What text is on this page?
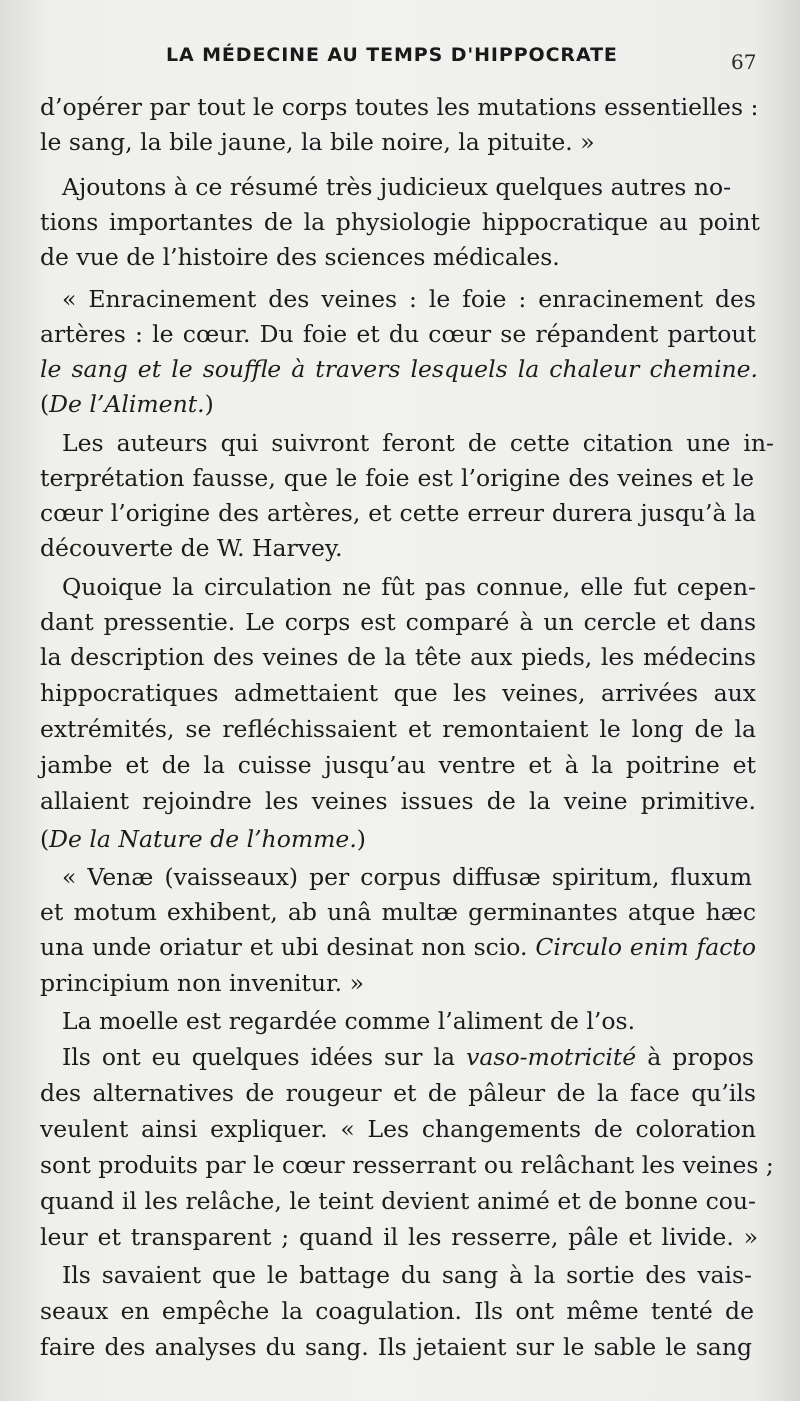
LA MÉDECINE AU TEMPS D'HIPPOCRATE	67
d’opérer par tout le corps toutes les mutations essentielles :
le sang, la bile jaune, la bile noire, la pituite. »
Ajoutons à ce résumé très judicieux quelques autres no-
tions importantes de la physiologie hippocratique au point
de vue de l’histoire des sciences médicales.
« Enracinement des veines : le foie : enracinement des
artères : le cœur. Du foie et du cœur se répandent partout
le sang et le souffle à travers lesquels la chaleur chemine.
(De l’Aliment.)
Les auteurs qui suivront feront de cette citation une in-
terprétation fausse, que le foie est l’origine des veines et le
cœur l’origine des artères, et cette erreur durera jusqu’à la
découverte de W. Harvey.
Quoique la circulation ne fût pas connue, elle fut cepen-
dant pressentie. Le corps est comparé à un cercle et dans
la description des veines de la tête aux pieds, les médecins
hippocratiques admettaient que les veines, arrivées aux
extrémités, se refléchissaient et remontaient le long de la
jambe et de la cuisse jusqu’au ventre et à la poitrine et
allaient rejoindre les veines issues de la veine primitive.
(De la Nature de l’homme.)
« Venæ (vaisseaux) per corpus diffusæ spiritum, fluxum
et motum exhibent, ab unâ multæ germinantes atque hæc
una unde oriatur et ubi desinat non scio. Circulo enim facto
principium non invenitur. »
La moelle est regardée comme l’aliment de l’os.
Ils ont eu quelques idées sur la vaso-motricité à propos
des alternatives de rougeur et de pâleur de la face qu’ils
veulent ainsi expliquer. « Les changements de coloration
sont produits par le cœur resserrant ou relâchant les veines ;
quand il les relâche, le teint devient animé et de bonne cou-
leur et transparent ; quand il les resserre, pâle et livide. »
Ils savaient que le battage du sang à la sortie des vais-
seaux en empêche la coagulation. Ils ont même tenté de
faire des analyses du sang. Ils jetaient sur le sable le sang
